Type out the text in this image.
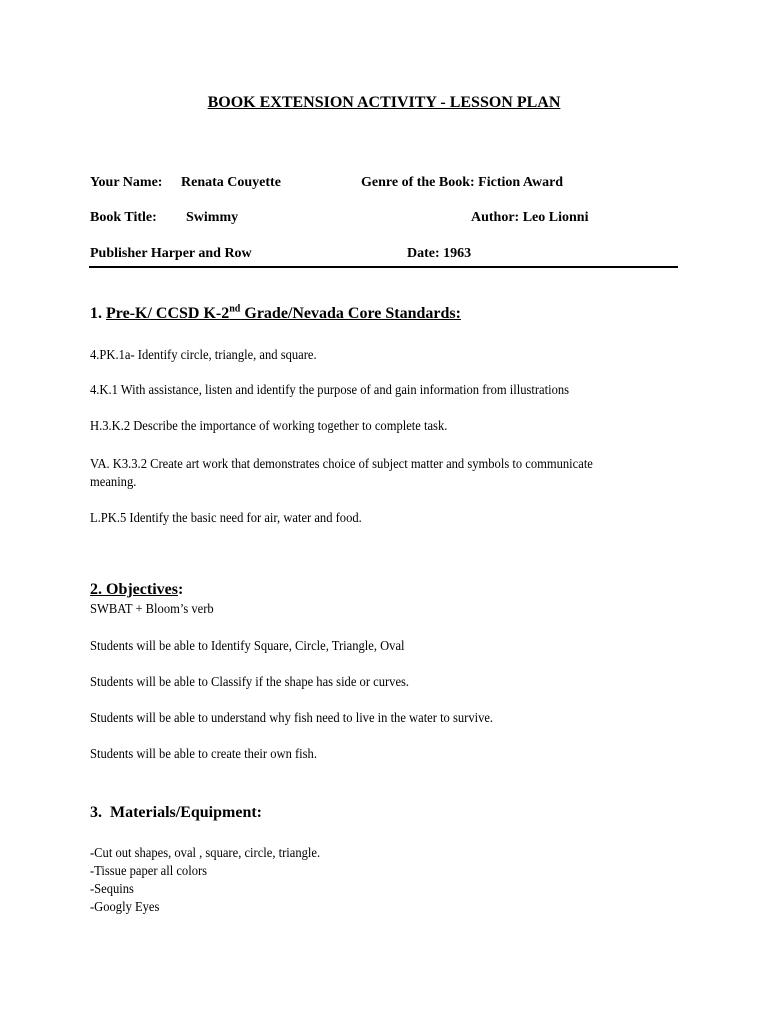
BOOK EXTENSION ACTIVITY - LESSON PLAN
Your Name: Renata Couyette	Genre of the Book: Fiction Award
Book Title: Swimmy	Author: Leo Lionni
Publisher Harper and Row	Date: 1963
1. Pre-K/ CCSD K-2nd Grade/Nevada Core Standards:
4.PK.1a- Identify circle, triangle, and square.
4.K.1 With assistance, listen and identify the purpose of and gain information from illustrations
H.3.K.2 Describe the importance of working together to complete task.
VA. K3.3.2 Create art work that demonstrates choice of subject matter and symbols to communicate meaning.
L.PK.5 Identify the basic need for air, water and food.
2. Objectives:
SWBAT + Bloom’s verb
Students will be able to Identify Square, Circle, Triangle, Oval
Students will be able to Classify if the shape has side or curves.
Students will be able to understand why fish need to live in the water to survive.
Students will be able to create their own fish.
3. Materials/Equipment:
-Cut out shapes, oval , square, circle, triangle.
-Tissue paper all colors
-Sequins
-Googly Eyes
